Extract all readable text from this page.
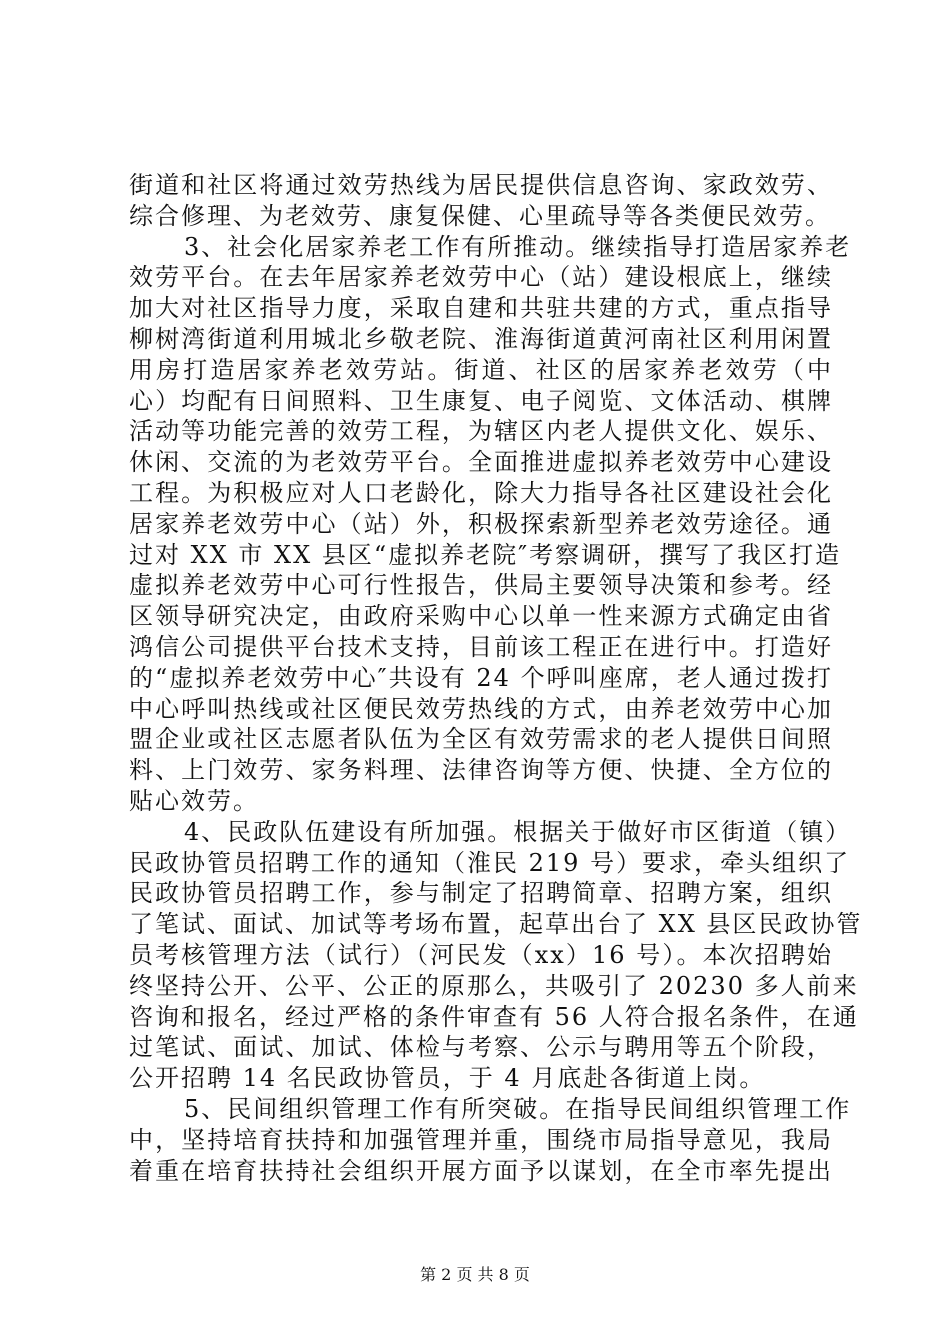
街道和社区将通过效劳热线为居民提供信息咨询、家政效劳、
综合修理、为老效劳、康复保健、心里疏导等各类便民效劳。
3、社会化居家养老工作有所推动。继续指导打造居家养老
效劳平台。在去年居家养老效劳中心（站）建设根底上，继续
加大对社区指导力度，采取自建和共驻共建的方式，重点指导
柳树湾街道利用城北乡敬老院、淮海街道黄河南社区利用闲置
用房打造居家养老效劳站。街道、社区的居家养老效劳（中
心）均配有日间照料、卫生康复、电子阅览、文体活动、棋牌
活动等功能完善的效劳工程，为辖区内老人提供文化、娱乐、
休闲、交流的为老效劳平台。全面推进虚拟养老效劳中心建设
工程。为积极应对人口老龄化，除大力指导各社区建设社会化
居家养老效劳中心（站）外，积极探索新型养老效劳途径。通
过对 XX 市 XX 县区“虚拟养老院″考察调研，撰写了我区打造
虚拟养老效劳中心可行性报告，供局主要领导决策和参考。经
区领导研究决定，由政府采购中心以单一性来源方式确定由省
鸿信公司提供平台技术支持，目前该工程正在进行中。打造好
的“虚拟养老效劳中心″共设有 24 个呼叫座席，老人通过拨打
中心呼叫热线或社区便民效劳热线的方式，由养老效劳中心加
盟企业或社区志愿者队伍为全区有效劳需求的老人提供日间照
料、上门效劳、家务料理、法律咨询等方便、快捷、全方位的
贴心效劳。
4、民政队伍建设有所加强。根据关于做好市区街道（镇）
民政协管员招聘工作的通知（淮民 219 号）要求，牵头组织了
民政协管员招聘工作，参与制定了招聘简章、招聘方案，组织
了笔试、面试、加试等考场布置，起草出台了 XX 县区民政协管
员考核管理方法（试行）（河民发（xx）16 号）。本次招聘始
终坚持公开、公平、公正的原那么，共吸引了 20230 多人前来
咨询和报名，经过严格的条件审查有 56 人符合报名条件，在通
过笔试、面试、加试、体检与考察、公示与聘用等五个阶段，
公开招聘 14 名民政协管员，于 4 月底赴各街道上岗。
5、民间组织管理工作有所突破。在指导民间组织管理工作
中，坚持培育扶持和加强管理并重，围绕市局指导意见，我局
着重在培育扶持社会组织开展方面予以谋划，在全市率先提出
第 2 页 共 8 页
